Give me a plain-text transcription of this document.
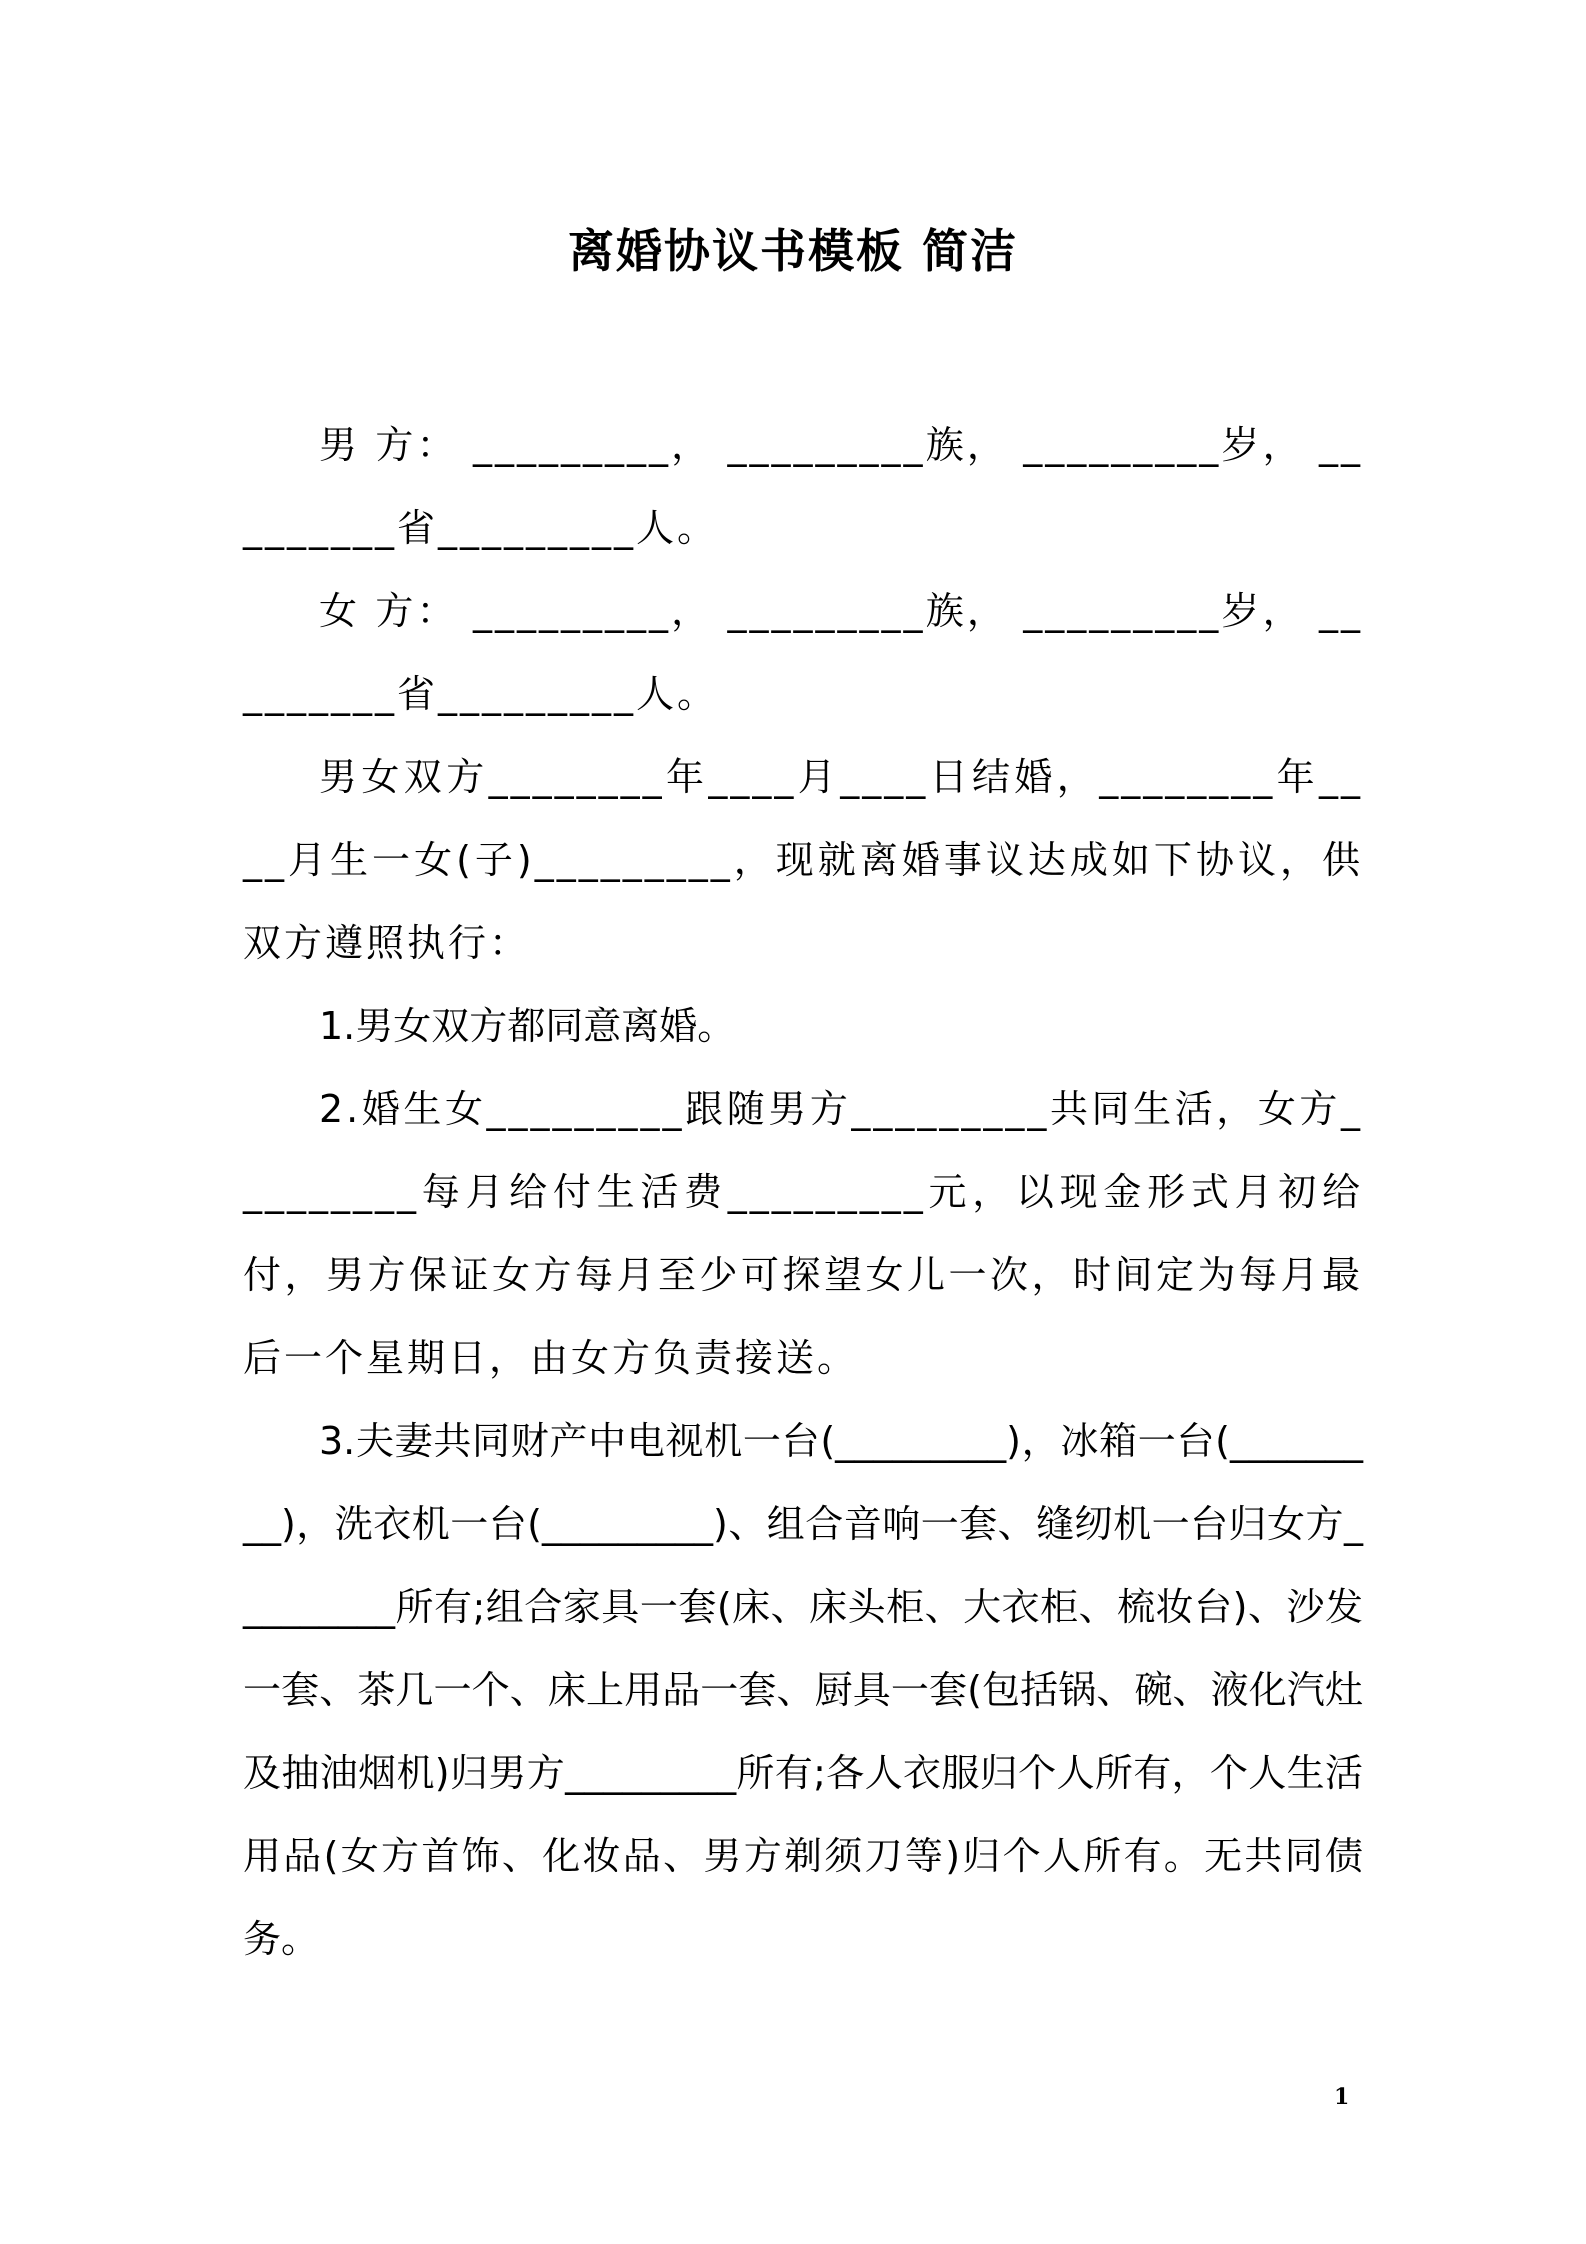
离婚协议书模板 简洁

男 方： _________， _________族， _________岁， _________省_________人。

女 方： _________， _________族， _________岁， _________省_________人。

男女双方________年____月____日结婚，________年____月生一女(子)_________，现就离婚事议达成如下协议，供双方遵照执行：

1.男女双方都同意离婚。

2.婚生女_________跟随男方_________共同生活，女方_________每月给付生活费_________元，以现金形式月初给付，男方保证女方每月至少可探望女儿一次，时间定为每月最后一个星期日，由女方负责接送。

3.夫妻共同财产中电视机一台(_________)，冰箱一台(_________)，洗衣机一台(_________)、组合音响一套、缝纫机一台归女方_________所有;组合家具一套(床、床头柜、大衣柜、梳妆台)、沙发一套、茶几一个、床上用品一套、厨具一套(包括锅、碗、液化汽灶及抽油烟机)归男方_________所有;各人衣服归个人所有，个人生活用品(女方首饰、化妆品、男方剃须刀等)归个人所有。无共同债务。

1
